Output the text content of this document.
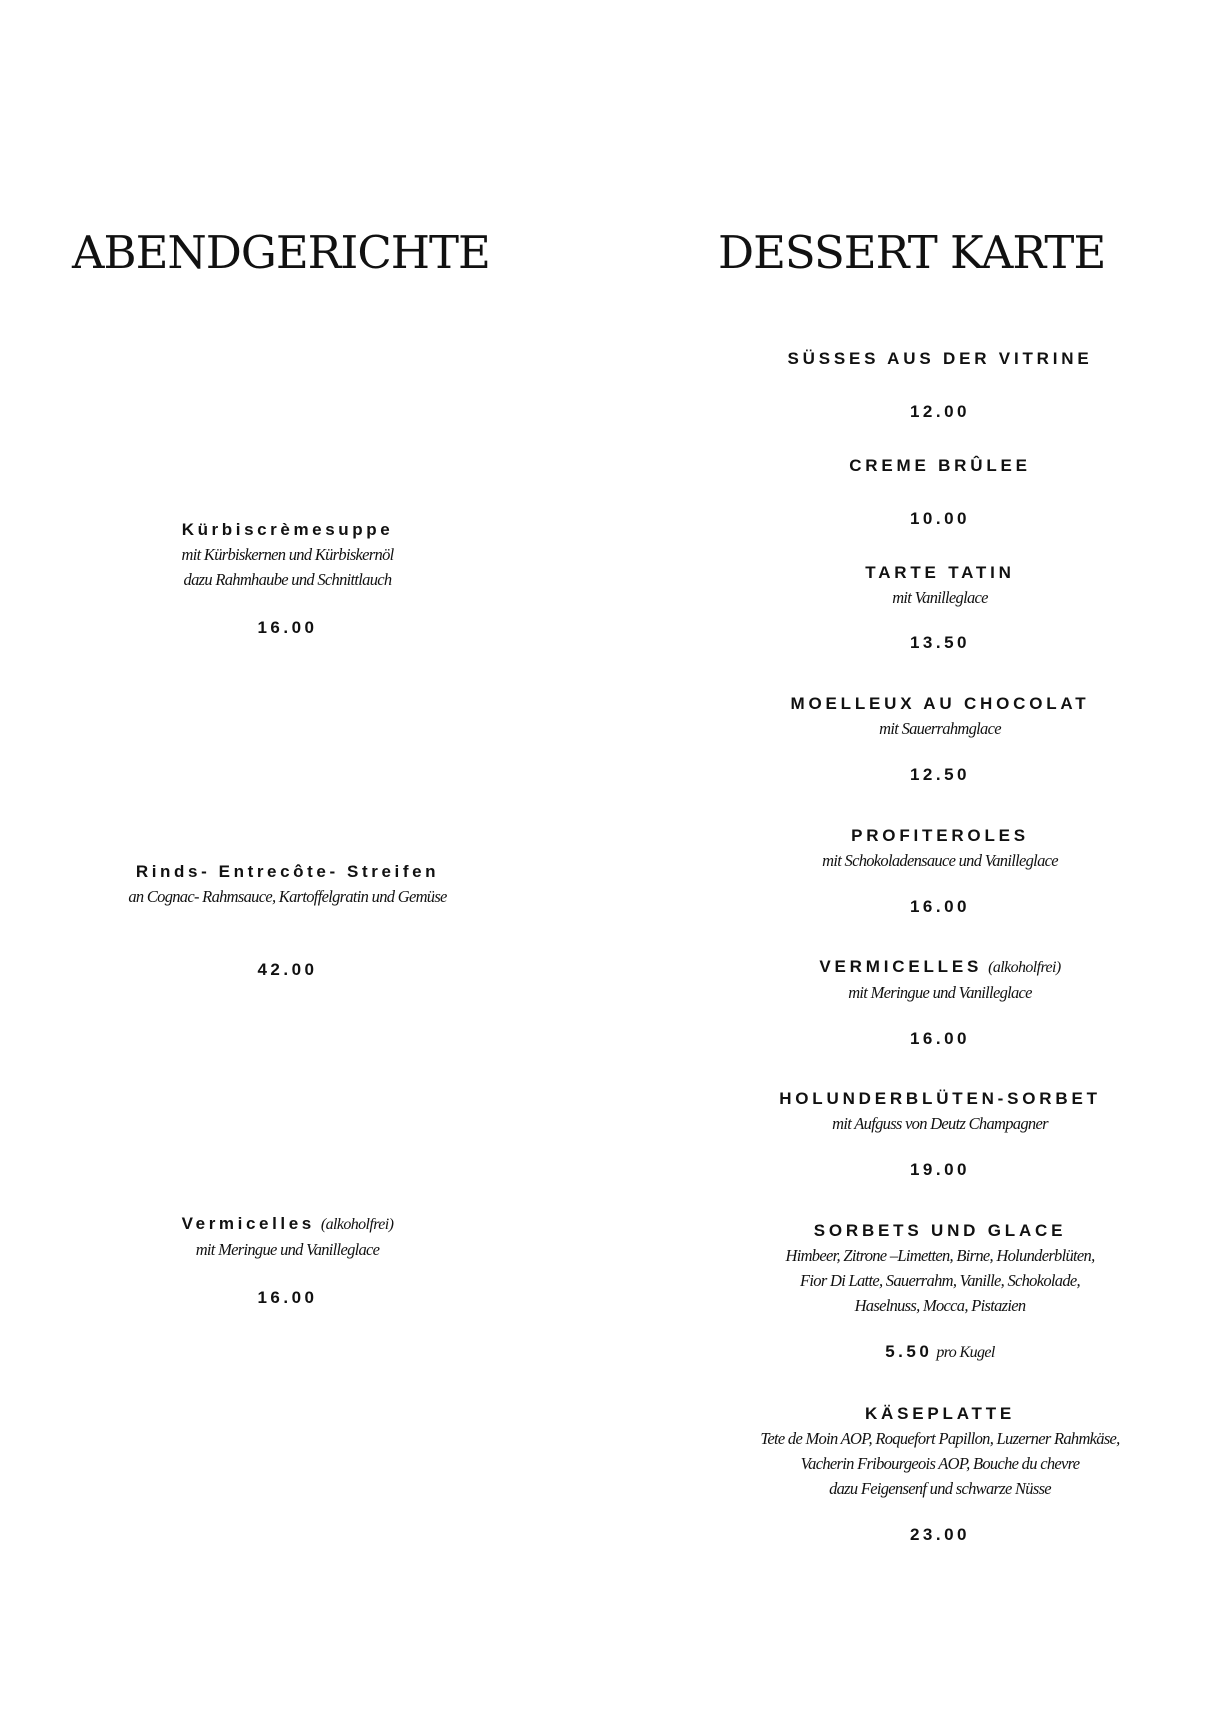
ABENDGERICHTE	DESSERT KARTE
Kürbiscrèmesuppe
mit Kürbiskernen und Kürbiskernöl
dazu Rahmhaube und Schnittlauch
16.00
Rinds- Entrecôte- Streifen
an Cognac- Rahmsauce, Kartoffelgratin und Gemüse
42.00
Vermicelles (alkoholfrei)
mit Meringue und Vanilleglace
16.00
SÜSSES AUS DER VITRINE
12.00
CREME BRÛLEE
10.00
TARTE TATIN
mit Vanilleglace
13.50
MOELLEUX AU CHOCOLAT
mit Sauerrahmglace
12.50
PROFITEROLES
mit Schokoladensauce und Vanilleglace
16.00
VERMICELLES (alkoholfrei)
mit Meringue und Vanilleglace
16.00
HOLUNDERBLÜTEN-SORBET
mit Aufguss von Deutz Champagner
19.00
SORBETS UND GLACE
Himbeer, Zitrone –Limetten, Birne, Holunderblüten,
Fior Di Latte, Sauerrahm, Vanille, Schokolade,
Haselnuss, Mocca, Pistazien
5.50 pro Kugel
KÄSEPLATTE
Tete de Moin AOP, Roquefort Papillon, Luzerner Rahmkäse,
Vacherin Fribourgeois AOP, Bouche du chevre
dazu Feigensenf und schwarze Nüsse
23.00
